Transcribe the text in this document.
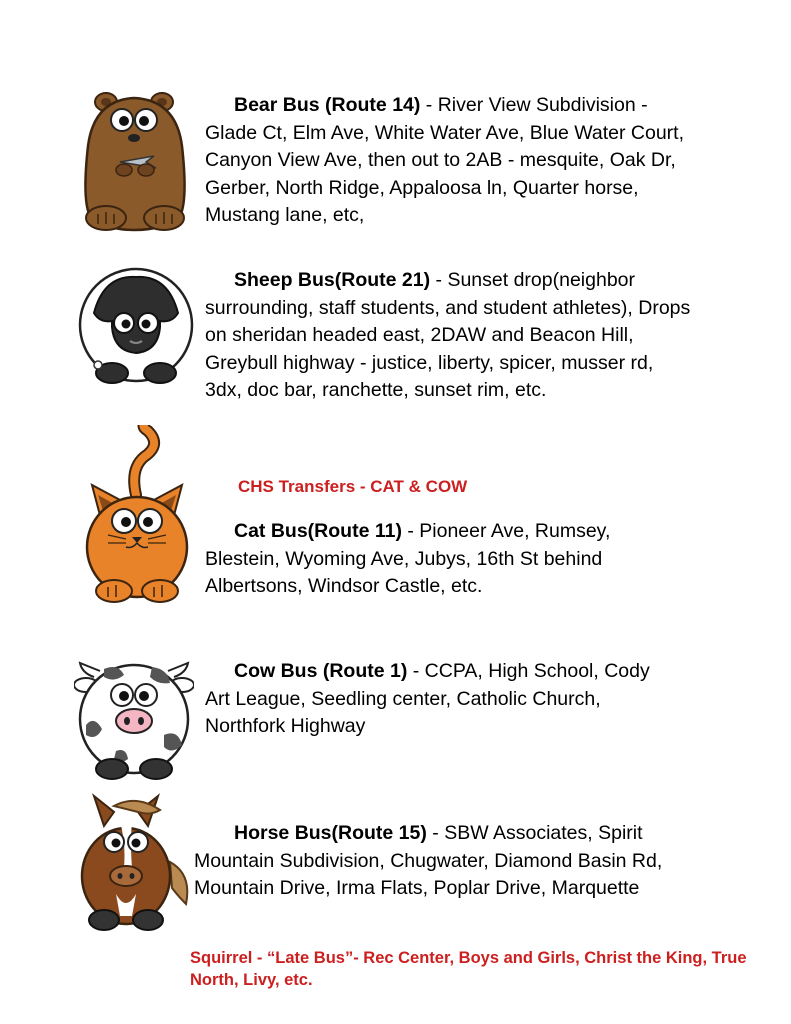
Bear Bus (Route 14) - River View Subdivision - Glade Ct, Elm Ave, White Water Ave, Blue Water Court, Canyon View Ave, then out to 2AB - mesquite, Oak Dr, Gerber, North Ridge, Appaloosa ln, Quarter horse, Mustang lane, etc,

Sheep Bus(Route 21) - Sunset drop(neighbor surrounding, staff students, and student athletes), Drops on sheridan headed east, 2DAW and Beacon Hill, Greybull highway - justice, liberty, spicer, musser rd, 3dx, doc bar, ranchette, sunset rim, etc.

CHS Transfers - CAT & COW

Cat Bus(Route 11) - Pioneer Ave, Rumsey, Blestein, Wyoming Ave, Jubys, 16th St behind Albertsons, Windsor Castle, etc.

Cow Bus (Route 1) - CCPA, High School, Cody Art League, Seedling center, Catholic Church, Northfork Highway

Horse Bus(Route 15) - SBW Associates, Spirit Mountain Subdivision, Chugwater, Diamond Basin Rd, Mountain Drive, Irma Flats, Poplar Drive, Marquette

Squirrel - “Late Bus”- Rec Center, Boys and Girls, Christ the King, True North, Livy, etc.
